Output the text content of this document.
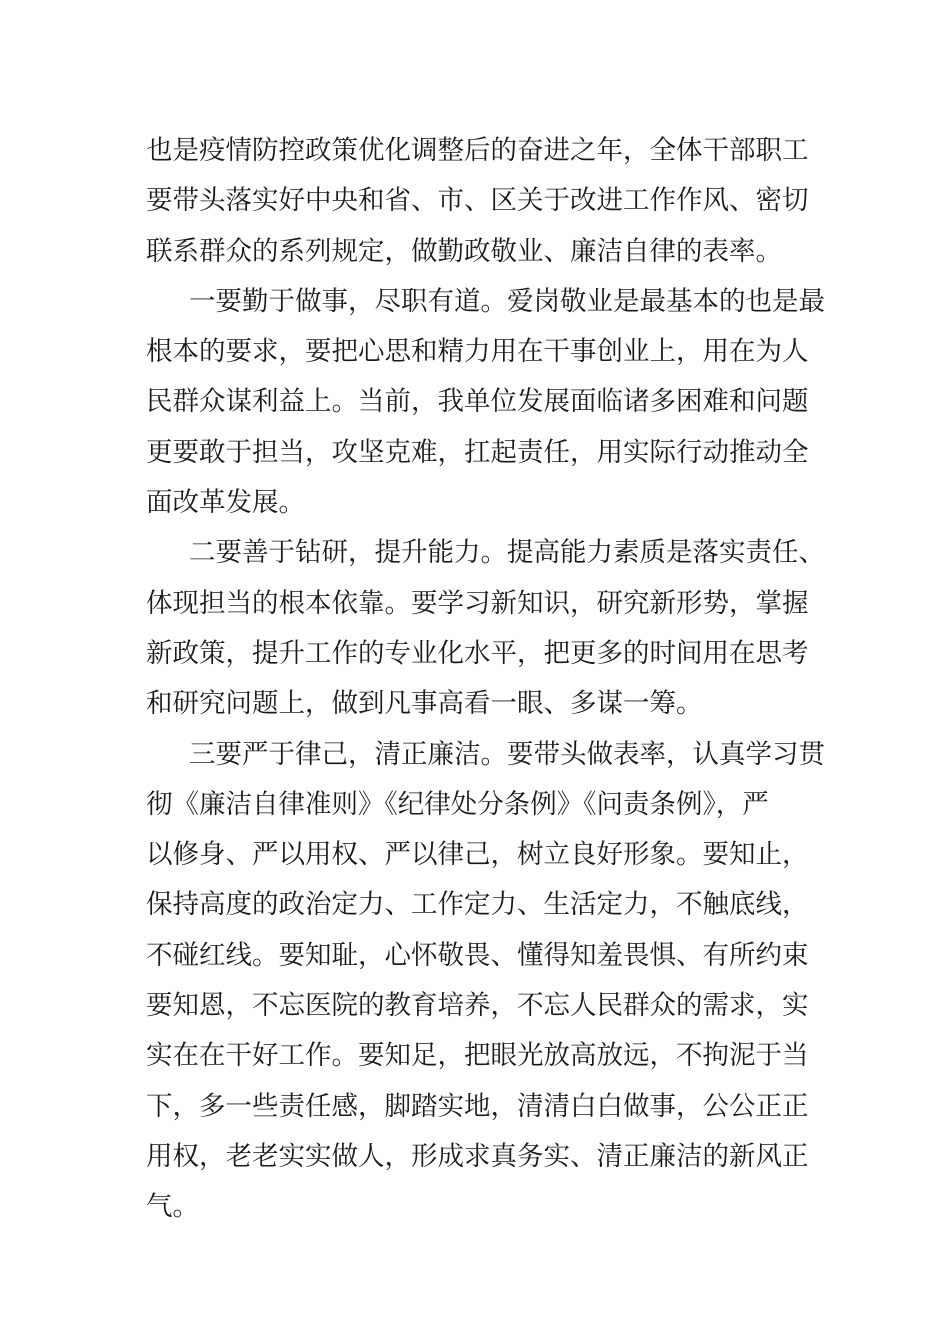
也是疫情防控政策优化调整后的奋进之年，全体干部职工
要带头落实好中央和省、市、区关于改进工作作风、密切
联系群众的系列规定，做勤政敬业、廉洁自律的表率。
一要勤于做事，尽职有道。爱岗敬业是最基本的也是最
根本的要求，要把心思和精力用在干事创业上，用在为人
民群众谋利益上。当前，我单位发展面临诸多困难和问题
更要敢于担当，攻坚克难，扛起责任，用实际行动推动全
面改革发展。
二要善于钻研，提升能力。提高能力素质是落实责任、
体现担当的根本依靠。要学习新知识，研究新形势，掌握
新政策，提升工作的专业化水平，把更多的时间用在思考
和研究问题上，做到凡事高看一眼、多谋一筹。
三要严于律己，清正廉洁。要带头做表率，认真学习贯
彻《廉洁自律准则》《纪律处分条例》《问责条例》，严
以修身、严以用权、严以律己，树立良好形象。要知止，
保持高度的政治定力、工作定力、生活定力，不触底线，
不碰红线。要知耻，心怀敬畏、懂得知羞畏惧、有所约束
要知恩，不忘医院的教育培养，不忘人民群众的需求，实
实在在干好工作。要知足，把眼光放高放远，不拘泥于当
下，多一些责任感，脚踏实地，清清白白做事，公公正正
用权，老老实实做人，形成求真务实、清正廉洁的新风正
气。
